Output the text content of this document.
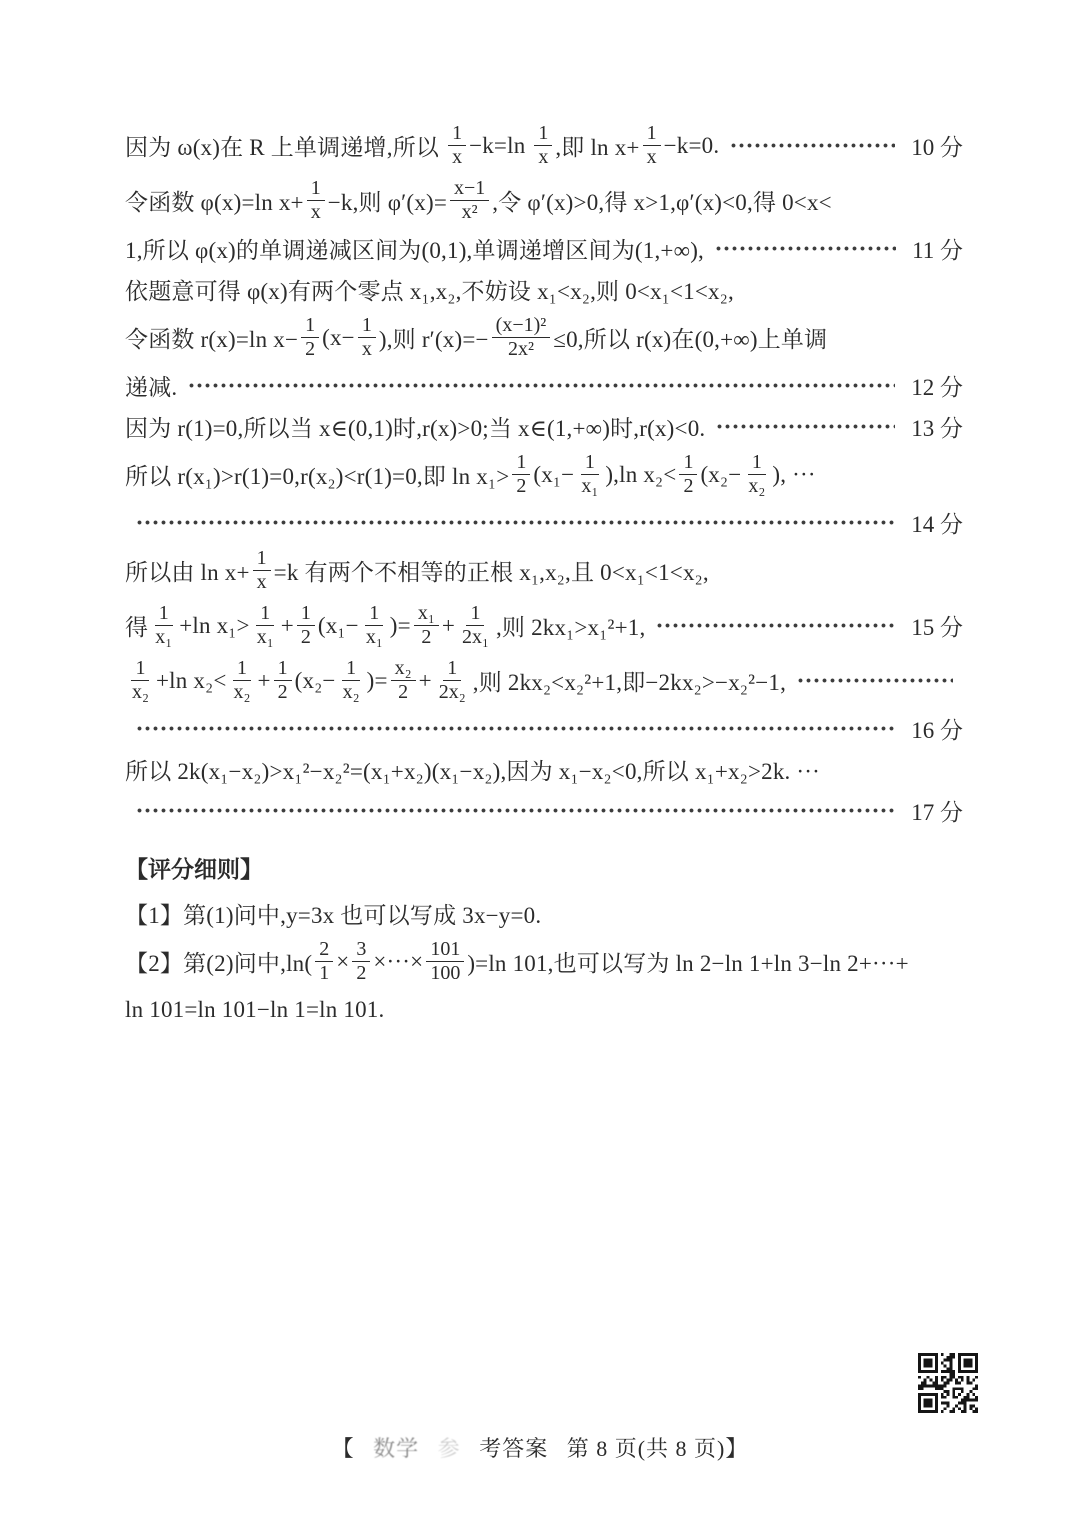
因为 ω(x)在 R 上单调递增,所以 $\frac{1}{x} -k=\ln \frac{1}{x}$ ,即 $\ln x+ \frac{1}{x} -k=0$.	10 分
令函数 φ(x)=ln $x+ \frac{1}{x} -k$,则 $\varphi'(x)= \frac{x-1}{\text{x²}}$ ,令 φ′(x)>0,得 x>1,φ′(x)<0,得 0<x<
1,所以 φ(x)的单调递减区间为(0,1),单调递增区间为(1,+∞),	11 分
依题意可得 φ(x)有两个零点 x₁,x₂,不妨设 x₁<x₂,则 0<x₁<1<x₂,
令函数 r(x)=ln $x- \frac{1}{2} (x- \frac{1}{x}$ ),则 $r'(x)=- \frac{\text{(x−1)²}}{\text{2x²}} \le 0$,所以 r(x)在(0,+∞)上单调
递减.	12 分
因为 r(1)=0,所以当 x∈(0,1)时,r(x)>0;当 x∈(1,+∞)时,r(x)<0.	13 分
所以 r(x₁)>r(1)=0,r(x₂)<r(1)=0,即 $\ln x_1> \frac{1}{2} (x_1- \frac{1}{\text{x₁}} ),\ln$ $x_2< \frac{1}{2} (x_2- \frac{1}{\text{x₂}}$ ), ···
14 分
所以由 $\ln x+ \frac{1}{x} =k$ 有两个不相等的正根 x₁,x₂,且 0<x₁<1<x₂,
得 $\frac{1}{\text{x₁}} +\ln$ $x_1> \frac{1}{\text{x₁}} + \frac{1}{2} (x_1- \frac{1}{\text{x₁}}$ )= $\frac{\text{x₁}}{2} + \frac{1}{\text{2x₁}}$ ,则 2kx₁>x₁²+1,	15 分
$\frac{1}{\text{x₂}} +\ln$ $x_2< \frac{1}{\text{x₂}} + \frac{1}{2} (x_2- \frac{1}{\text{x₂}}$ )= $\frac{\text{x₂}}{2} + \frac{1}{\text{2x₂}}$ ,则 2kx₂<x₂²+1,即−2kx₂>−x₂²−1,
16 分
所以 2k(x₁−x₂)>x₁²−x₂²=(x₁+x₂)(x₁−x₂),因为 x₁−x₂<0,所以 x₁+x₂>2k. ···
17 分
【评分细则】
【1】第(1)问中,y=3x 也可以写成 3x−y=0.
【2】第(2)问中$,\ln( \frac{2}{1} \times \frac{3}{2}$ ×···× $\frac{101}{100} )=\ln$ 101,也可以写为 ln 2−ln 1+ln 3−ln 2+···+
ln 101=ln 101−ln 1=ln 101.
【 数学 参 考答案 第 8 页(共 8 页)】
